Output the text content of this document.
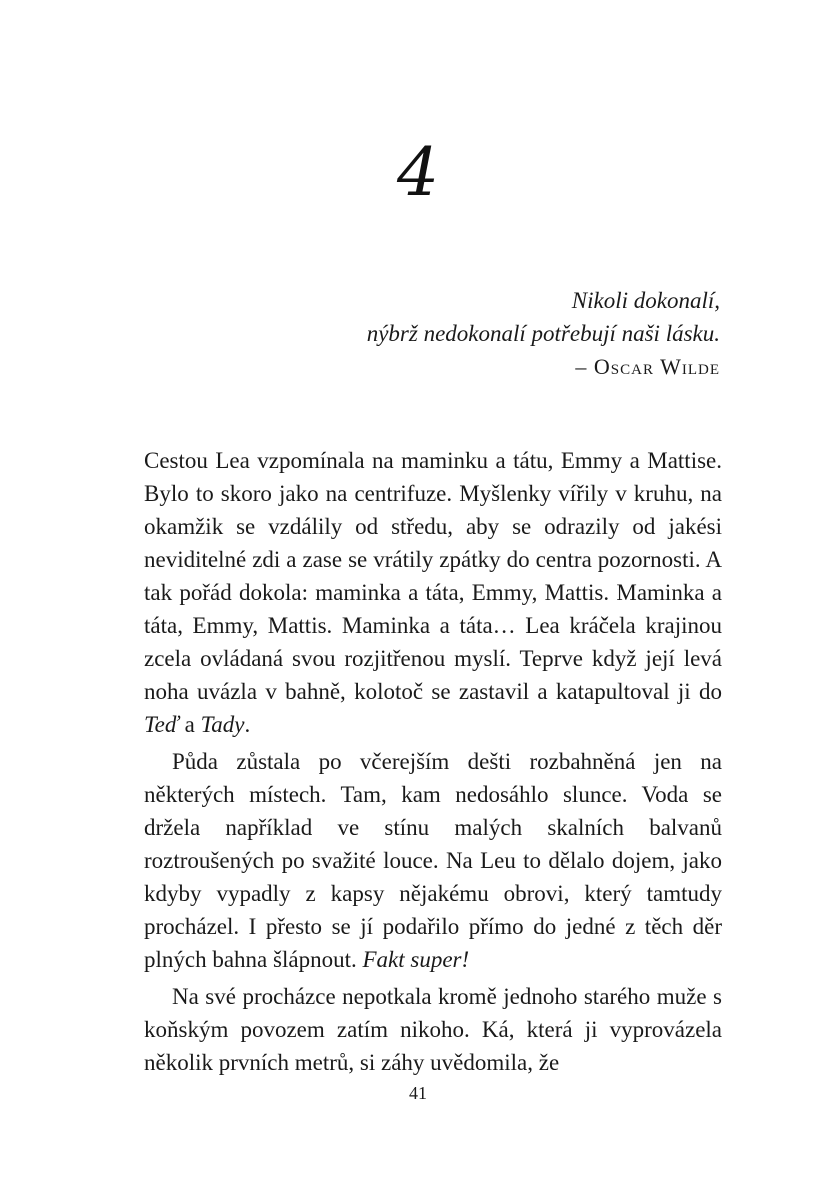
4
Nikoli dokonalí,
nýbrž nedokonalí potřebují naši lásku.
– Oscar Wilde

Cestou Lea vzpomínala na maminku a tátu, Emmy a Mattise. Bylo to skoro jako na centrifuze. Myšlenky vířily v kruhu, na okamžik se vzdálily od středu, aby se odrazily od jakési neviditelné zdi a zase se vrátily zpátky do centra pozornosti. A tak pořád dokola: maminka a táta, Emmy, Mattis. Maminka a táta, Emmy, Mattis. Maminka a táta… Lea kráčela krajinou zcela ovládaná svou rozjitřenou myslí. Teprve když její levá noha uvázla v bahně, kolotoč se zastavil a katapultoval ji do Teď a Tady.

Půda zůstala po včerejším dešti rozbahněná jen na některých místech. Tam, kam nedosáhlo slunce. Voda se držela například ve stínu malých skalních balvanů roztroušených po svažité louce. Na Leu to dělalo dojem, jako kdyby vypadly z kapsy nějakému obrovi, který tamtudy procházel. I přesto se jí podařilo přímo do jedné z těch děr plných bahna šlápnout. Fakt super!

Na své procházce nepotkala kromě jednoho starého muže s koňským povozem zatím nikoho. Ká, která ji vyprovázela několik prvních metrů, si záhy uvědomila, že

41
